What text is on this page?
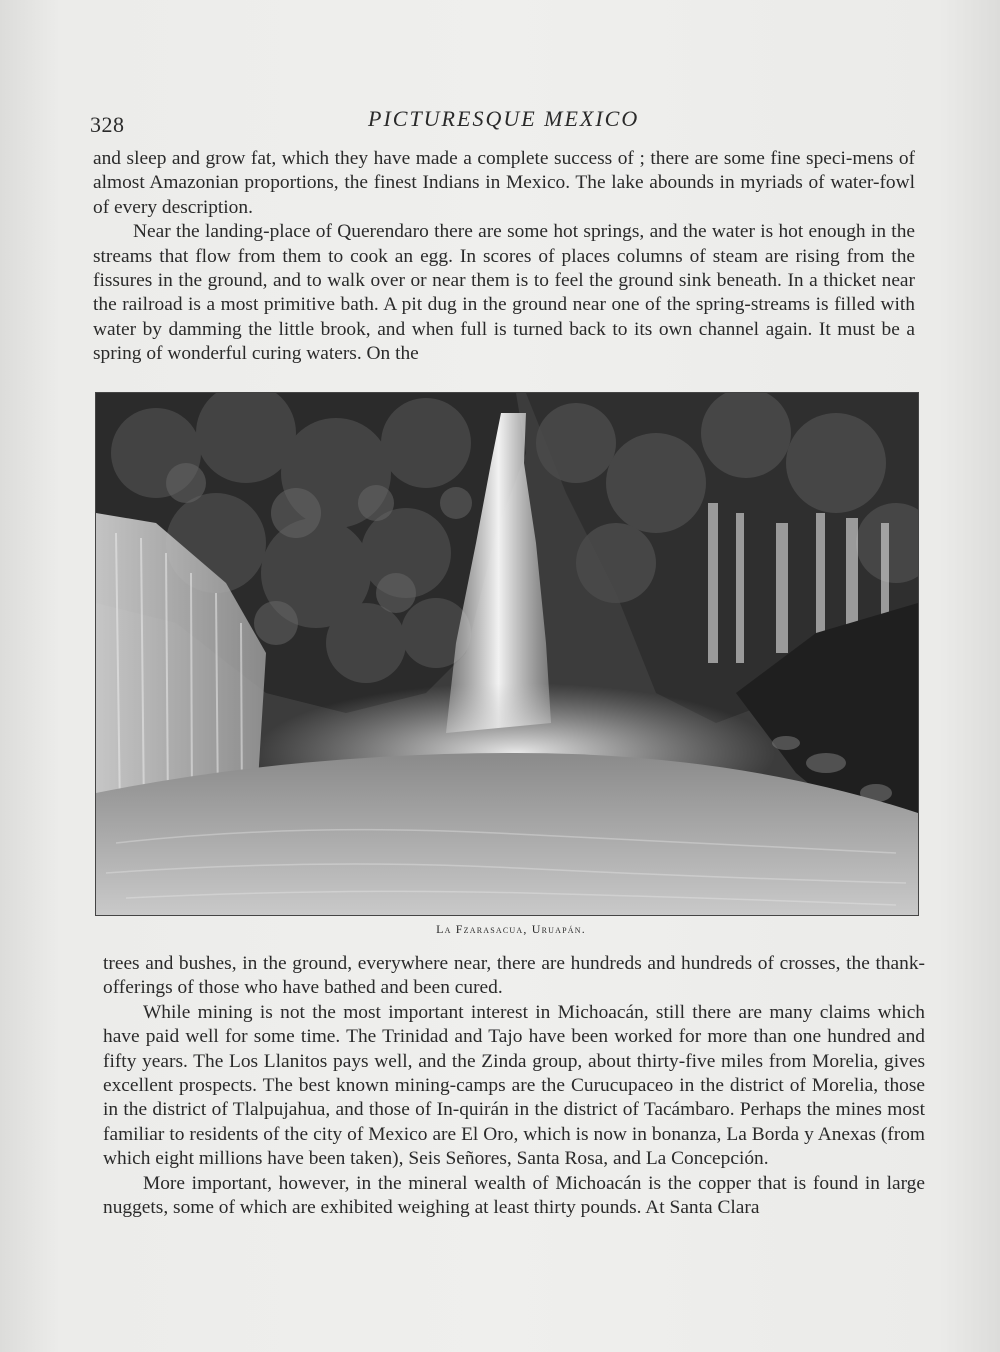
328	PICTURESQUE MEXICO

and sleep and grow fat, which they have made a complete success of ; there are some fine speci-mens of almost Amazonian proportions, the finest Indians in Mexico. The lake abounds in myriads of water-fowl of every description.

Near the landing-place of Querendaro there are some hot springs, and the water is hot enough in the streams that flow from them to cook an egg. In scores of places columns of steam are rising from the fissures in the ground, and to walk over or near them is to feel the ground sink beneath. In a thicket near the railroad is a most primitive bath. A pit dug in the ground near one of the spring-streams is filled with water by damming the little brook, and when full is turned back to its own channel again. It must be a spring of wonderful curing waters. On the

La Fzarasacua, Uruapán.

trees and bushes, in the ground, everywhere near, there are hundreds and hundreds of crosses, the thank-offerings of those who have bathed and been cured.

While mining is not the most important interest in Michoacán, still there are many claims which have paid well for some time. The Trinidad and Tajo have been worked for more than one hundred and fifty years. The Los Llanitos pays well, and the Zinda group, about thirty-five miles from Morelia, gives excellent prospects. The best known mining-camps are the Curucupaceo in the district of Morelia, those in the district of Tlalpujahua, and those of In-quirán in the district of Tacámbaro. Perhaps the mines most familiar to residents of the city of Mexico are El Oro, which is now in bonanza, La Borda y Anexas (from which eight millions have been taken), Seis Señores, Santa Rosa, and La Concepción.

More important, however, in the mineral wealth of Michoacán is the copper that is found in large nuggets, some of which are exhibited weighing at least thirty pounds. At Santa Clara
